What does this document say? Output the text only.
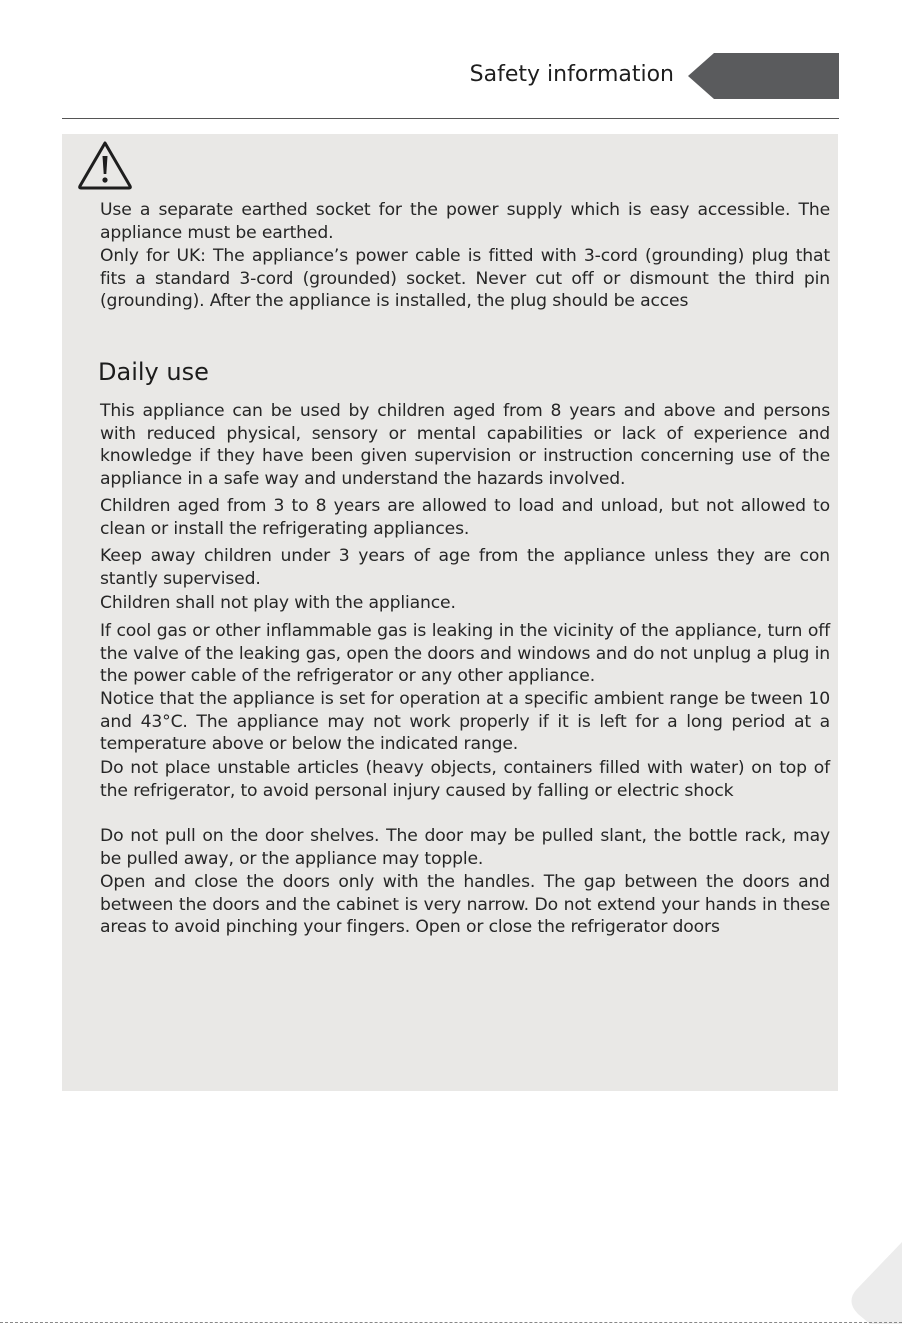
Safety information

Use a separate earthed socket for the power supply which is easy accessible. The appliance must be earthed.

Only for UK: The appliance’s power cable is fitted with 3-cord (grounding) plug that fits a standard 3-cord (grounded) socket. Never cut off or dismount the third pin (grounding). After the appliance is installed, the plug should be acces

Daily use

This appliance can be used by children aged from 8 years and above and persons with reduced physical, sensory or mental capabilities or lack of experience and knowledge if they have been given supervision or instruction concerning use of the appliance in a safe way and understand the hazards involved.

Children aged from 3 to 8 years are allowed to load and unload, but not allowed to clean or install the refrigerating appliances.

Keep away children under 3 years of age from the appliance unless they are con stantly supervised.

Children shall not play with the appliance.

If cool gas or other inflammable gas is leaking in the vicinity of the appliance, turn off the valve of the leaking gas, open the doors and windows and do not unplug a plug in the power cable of the refrigerator or any other appliance.

Notice that the appliance is set for operation at a specific ambient range be tween 10 and 43°C. The appliance may not work properly if it is left for a long period at a temperature above or below the indicated range.

Do not place unstable articles (heavy objects, containers filled with water) on top of the refrigerator, to avoid personal injury caused by falling or electric shock

Do not pull on the door shelves. The door may be pulled slant, the bottle rack, may be pulled away, or the appliance may topple.

Open and close the doors only with the handles. The gap between the doors and between the doors and the cabinet is very narrow. Do not extend your hands in these areas to avoid pinching your fingers. Open or close the refrigerator doors
